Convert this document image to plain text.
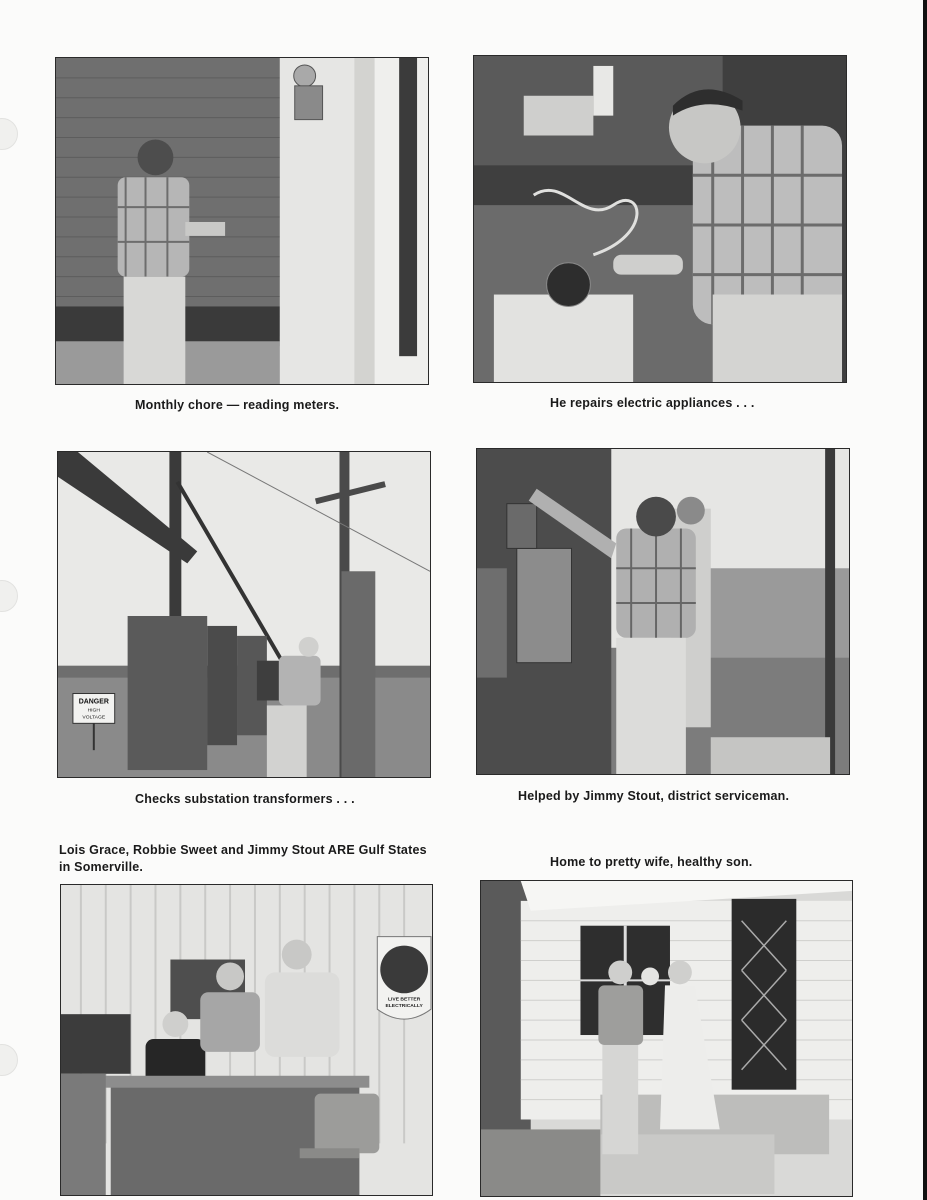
Monthly chore — reading meters.	He repairs electric appliances . . .
DANGER
HIGH
VOLTAGE
Checks substation transformers . . .	Helped by Jimmy Stout, district serviceman.
Lois Grace, Robbie Sweet and Jimmy Stout ARE Gulf States
in Somerville.
LIVE BETTER
ELECTRICALLY
Home to pretty wife, healthy son.
